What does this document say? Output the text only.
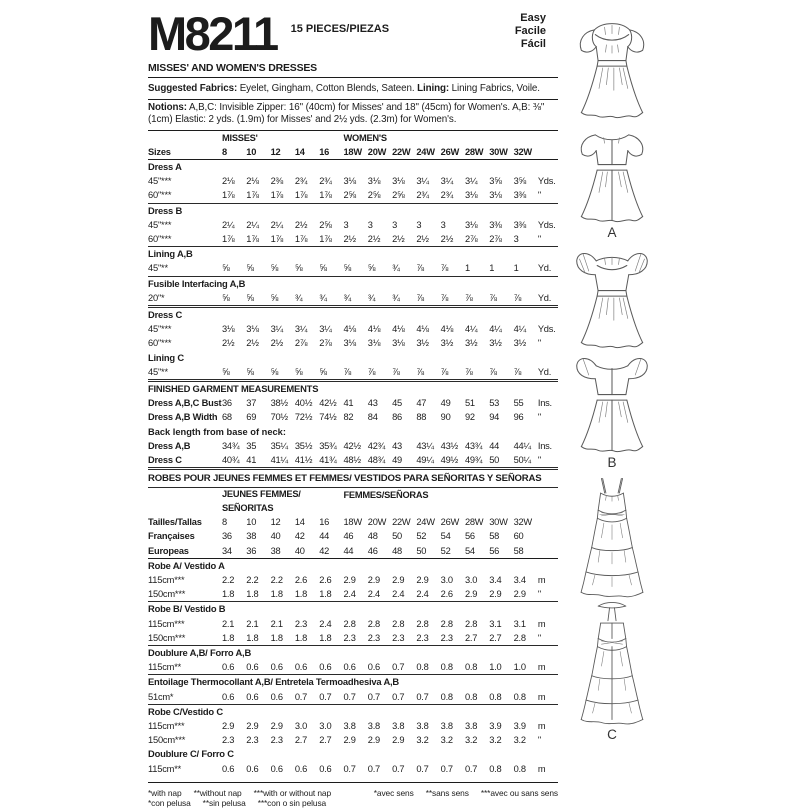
M8211 15 PIECES/PIEZAS
Easy
Facile
Fácil
MISSES' AND WOMEN'S DRESSES
Suggested Fabrics: Eyelet, Gingham, Cotton Blends, Sateen. Lining: Lining Fabrics, Voile.
Notions: A,B,C: Invisible Zipper: 16" (40cm) for Misses' and 18" (45cm) for Women's. A,B: ⅜" (1cm) Elastic: 2 yds. (1.9m) for Misses' and 2½ yds. (2.3m) for Women's.
MISSES'	WOMEN'S
Sizes	8	10	12	14	16	18W 20W 22W 24W 26W 28W 30W 32W
Dress A
45"***	2⅛	2⅛	2⅜	2¾	2¾	3⅛	3⅛	3⅛	3¼	3¼	3¼	3⅝	3⅝	Yds.
60"***	1⅞	1⅞	1⅞	1⅞	1⅞	2⅝	2⅝	2⅝	2¾	2¾	3⅛	3⅛	3⅜	"
Dress B
45"***	2¼	2¼	2¼	2½	2⅝	3	3	3	3	3	3⅛	3⅜	3⅜	Yds.
60"***	1⅞	1⅞	1⅞	1⅞	1⅞	2½	2½	2½	2½	2½	2⅞	2⅞	3	"
Lining A,B
45"**	⅝	⅝	⅝	⅝	⅝	⅝	⅝	¾	⅞	⅞	1	1	1	Yd.
Fusible Interfacing A,B
20"*	⅝	⅝	⅝	¾	¾	¾	¾	¾	⅞	⅞	⅞	⅞	⅞	Yd.
Dress C
45"***	3⅛	3⅛	3¼	3¼	3¼	4⅛	4⅛	4⅛	4⅛	4⅛	4¼	4¼	4¼	Yds.
60"***	2½	2½	2½	2⅞	2⅞	3⅛	3⅛	3⅛	3½	3½	3½	3½	3½	"
Lining C
45"**	⅝	⅝	⅝	⅝	⅝	⅞	⅞	⅞	⅞	⅞	⅞	⅞	⅞	Yd.
FINISHED GARMENT MEASUREMENTS
Dress A,B,C Bust 36	37	38½ 40½ 42½ 41	43	45	47	49	51	53	55	Ins.
Dress A,B Width 68	69	70½ 72½ 74½ 82	84	86	88	90	92	94	96	"
Back length from base of neck:
Dress A,B	34¾ 35	35¼ 35½ 35¾ 42½ 42¾ 43	43¼ 43½ 43¾ 44	44¼ Ins.
Dress C	40¾ 41	41¼ 41½ 41¾ 48½ 48¾ 49	49¼ 49½ 49¾ 50	50¼ "
ROBES POUR JEUNES FEMMES ET FEMMES/ VESTIDOS PARA SEÑORITAS Y SEÑORAS
JEUNES FEMMES/
SEÑORITAS
FEMMES/SEÑORAS
Tailles/Tallas	8	10	12	14	16	18W 20W 22W 24W 26W 28W 30W 32W
Françaises	36	38	40	42	44	46	48	50	52	54	56	58	60
Europeas	34	36	38	40	42	44	46	48	50	52	54	56	58
Robe A/ Vestido A
115cm***	2.2	2.2	2.2	2.6	2.6	2.9	2.9	2.9	2.9	3.0	3.0	3.4	3.4	m
150cm***	1.8	1.8	1.8	1.8	1.8	2.4	2.4	2.4	2.4	2.6	2.9	2.9	2.9	"
Robe B/ Vestido B
115cm***	2.1	2.1	2.1	2.3	2.4	2.8	2.8	2.8	2.8	2.8	2.8	3.1	3.1	m
150cm***	1.8	1.8	1.8	1.8	1.8	2.3	2.3	2.3	2.3	2.3	2.7	2.7	2.8	"
Doublure A,B/ Forro A,B
115cm**	0.6	0.6	0.6	0.6	0.6	0.6	0.6	0.7	0.8	0.8	0.8	1.0	1.0	m
Entoilage Thermocollant A,B/ Entretela Termoadhesiva A,B
51cm*	0.6	0.6	0.6	0.7	0.7	0.7	0.7	0.7	0.7	0.8	0.8	0.8	0.8	m
Robe C/Vestido C
115cm***	2.9	2.9	2.9	3.0	3.0	3.8	3.8	3.8	3.8	3.8	3.8	3.9	3.9	m
150cm***	2.3	2.3	2.3	2.7	2.7	2.9	2.9	2.9	3.2	3.2	3.2	3.2	3.2	"
Doublure C/ Forro C
115cm**	0.6	0.6	0.6	0.6	0.6	0.7	0.7	0.7	0.7	0.7	0.7	0.8	0.8	m
*with nap **without nap ***with or without nap
*con pelusa **sin pelusa ***con o sin pelusa
*avec sens **sans sens ***avec ou sans sens
A
B
C
